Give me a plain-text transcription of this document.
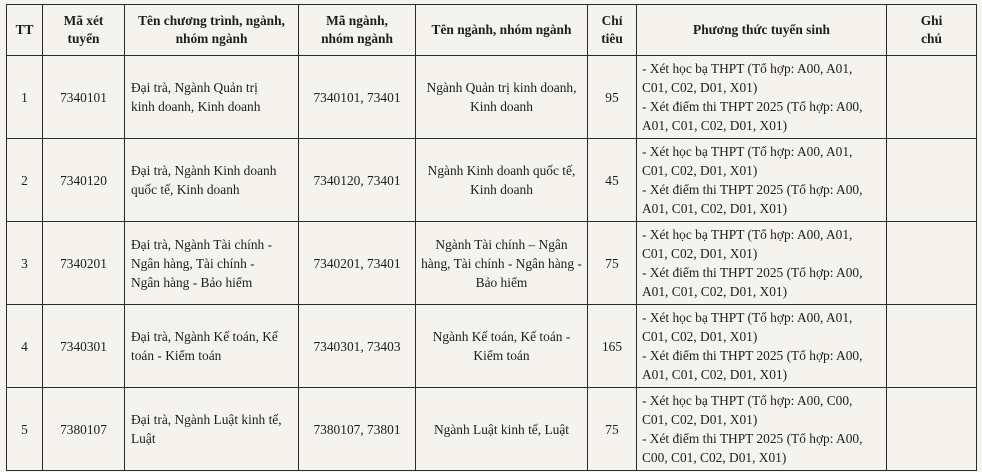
TT	Mã xét
tuyển	Tên chương trình, ngành,
nhóm ngành	Mã ngành,
nhóm ngành	Tên ngành, nhóm ngành	Chỉ
tiêu	Phương thức tuyển sinh	Ghi
chú
1	7340101	Đại trà, Ngành Quản trị
kinh doanh, Kinh doanh	7340101, 73401	Ngành Quản trị kinh doanh,
Kinh doanh	95	- Xét học bạ THPT (Tổ hợp: A00, A01,
C01, C02, D01, X01)
- Xét điểm thi THPT 2025 (Tổ hợp: A00,
A01, C01, C02, D01, X01)	

2	7340120	Đại trà, Ngành Kinh doanh
quốc tế, Kinh doanh	7340120, 73401	Ngành Kinh doanh quốc tế,
Kinh doanh	45	- Xét học bạ THPT (Tổ hợp: A00, A01,
C01, C02, D01, X01)
- Xét điểm thi THPT 2025 (Tổ hợp: A00,
A01, C01, C02, D01, X01)	

3	7340201	Đại trà, Ngành Tài chính -
Ngân hàng, Tài chính -
Ngân hàng - Bảo hiểm	7340201, 73401	Ngành Tài chính – Ngân
hàng, Tài chính - Ngân hàng -
Bảo hiểm	75	- Xét học bạ THPT (Tổ hợp: A00, A01,
C01, C02, D01, X01)
- Xét điểm thi THPT 2025 (Tổ hợp: A00,
A01, C01, C02, D01, X01)	

4	7340301	Đại trà, Ngành Kế toán, Kế
toán - Kiểm toán	7340301, 73403	Ngành Kế toán, Kế toán -
Kiểm toán	165	- Xét học bạ THPT (Tổ hợp: A00, A01,
C01, C02, D01, X01)
- Xét điểm thi THPT 2025 (Tổ hợp: A00,
A01, C01, C02, D01, X01)	

5	7380107	Đại trà, Ngành Luật kinh tế,
Luật	7380107, 73801	Ngành Luật kinh tế, Luật	75	- Xét học bạ THPT (Tổ hợp: A00, C00,
C01, C02, D01, X01)
- Xét điểm thi THPT 2025 (Tổ hợp: A00,
C00, C01, C02, D01, X01)	
